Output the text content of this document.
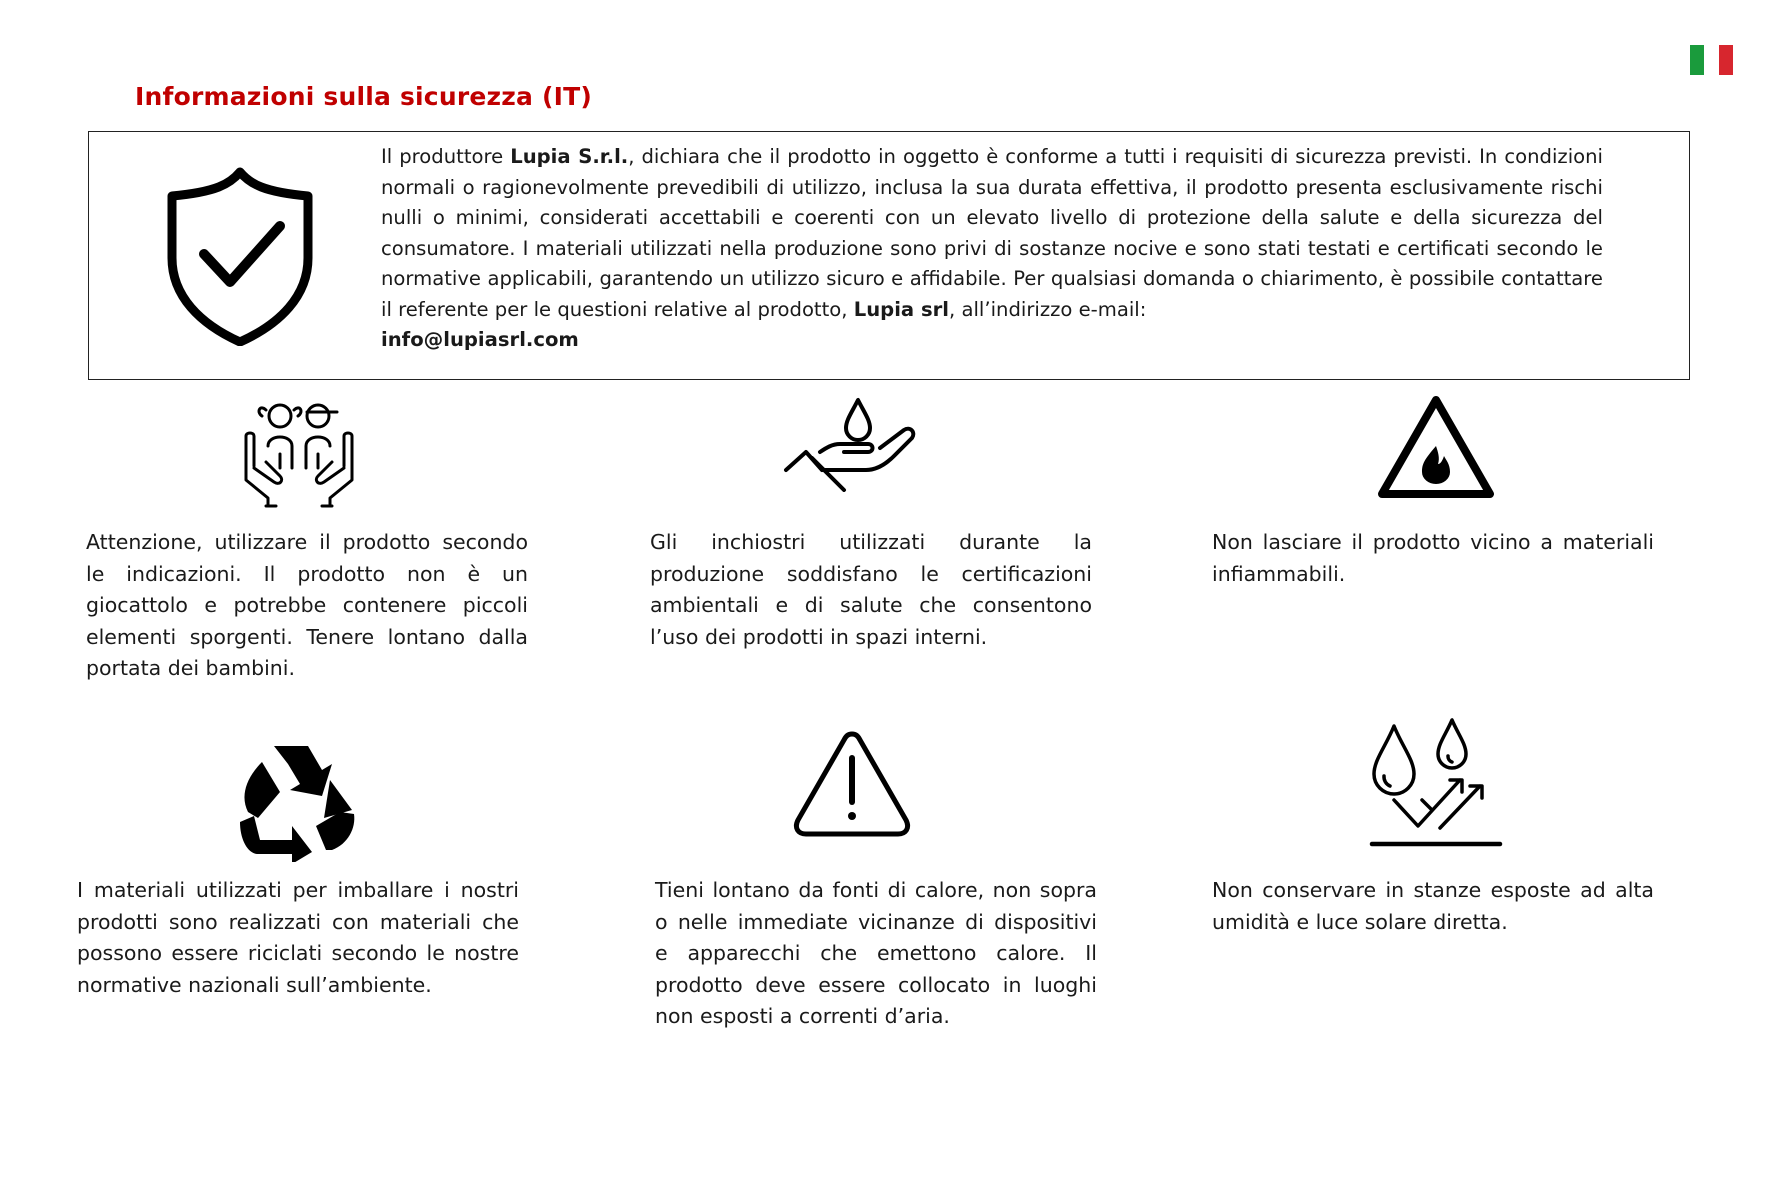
Informazioni sulla sicurezza (IT)
Il produttore Lupia S.r.l., dichiara che il prodotto in oggetto è conforme a tutti i requisiti di sicurezza previsti. In condizioni normali o ragionevolmente prevedibili di utilizzo, inclusa la sua durata effettiva, il prodotto presenta esclusivamente rischi nulli o minimi, considerati accettabili e coerenti con un elevato livello di protezione della salute e della sicurezza del consumatore. I materiali utilizzati nella produzione sono privi di sostanze nocive e sono stati testati e certificati secondo le normative applicabili, garantendo un utilizzo sicuro e affidabile. Per qualsiasi domanda o chiarimento, è possibile contattare il referente per le questioni relative al prodotto, Lupia srl, all’indirizzo e-mail:
info@lupiasrl.com
Attenzione, utilizzare il prodotto secondo le indicazioni. Il prodotto non è un giocattolo e potrebbe contenere piccoli elementi sporgenti. Tenere lontano dalla portata dei bambini.
Gli inchiostri utilizzati durante la produzione soddisfano le certificazioni ambientali e di salute che consentono l’uso dei prodotti in spazi interni.
Non lasciare il prodotto vicino a materiali infiammabili.
I materiali utilizzati per imballare i nostri prodotti sono realizzati con materiali che possono essere riciclati secondo le nostre normative nazionali sull’ambiente.
Tieni lontano da fonti di calore, non sopra o nelle immediate vicinanze di dispositivi e apparecchi che emettono calore. Il prodotto deve essere collocato in luoghi non esposti a correnti d’aria.
Non conservare in stanze esposte ad alta umidità e luce solare diretta.
